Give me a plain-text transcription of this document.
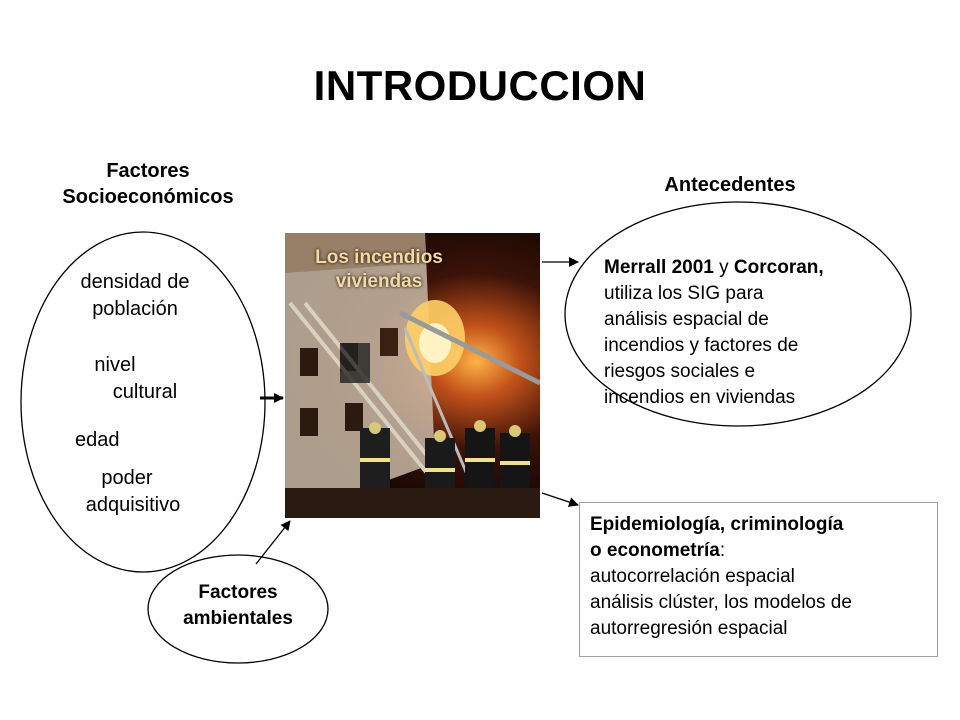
INTRODUCCION
Factores
Socioeconómicos
densidad de
población
nivel
cultural
edad
poder
adquisitivo
Los incendios
viviendas
Factores
ambientales
Antecedentes
Merrall 2001 y Corcoran,
utiliza los SIG para
análisis espacial de
incendios y factores de
riesgos sociales e
incendios en viviendas
Epidemiología, criminología
o econometría:
autocorrelación espacial
análisis clúster, los modelos de
autorregresión espacial
